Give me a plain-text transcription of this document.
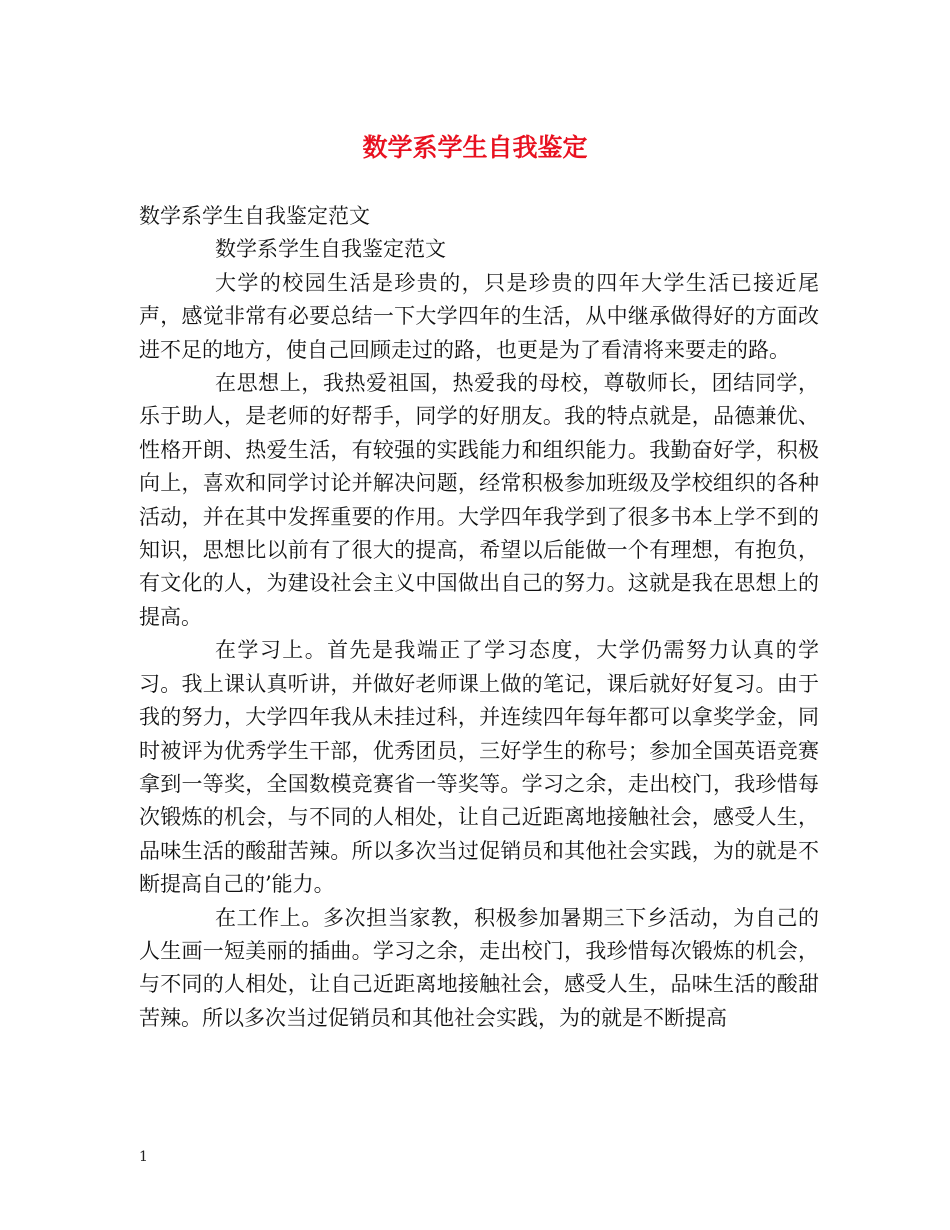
数学系学生自我鉴定

数学系学生自我鉴定范文

数学系学生自我鉴定范文

大学的校园生活是珍贵的，只是珍贵的四年大学生活已接近尾声，感觉非常有必要总结一下大学四年的生活，从中继承做得好的方面改进不足的地方，使自己回顾走过的路，也更是为了看清将来要走的路。

在思想上，我热爱祖国，热爱我的母校，尊敬师长，团结同学，乐于助人，是老师的好帮手，同学的好朋友。我的特点就是，品德兼优、性格开朗、热爱生活，有较强的实践能力和组织能力。我勤奋好学，积极向上，喜欢和同学讨论并解决问题，经常积极参加班级及学校组织的各种活动，并在其中发挥重要的作用。大学四年我学到了很多书本上学不到的知识，思想比以前有了很大的提高，希望以后能做一个有理想，有抱负，有文化的人，为建设社会主义中国做出自己的努力。这就是我在思想上的提高。

在学习上。首先是我端正了学习态度，大学仍需努力认真的学习。我上课认真听讲，并做好老师课上做的笔记，课后就好好复习。由于我的努力，大学四年我从未挂过科，并连续四年每年都可以拿奖学金，同时被评为优秀学生干部，优秀团员，三好学生的称号；参加全国英语竞赛拿到一等奖，全国数模竞赛省一等奖等。学习之余，走出校门，我珍惜每次锻炼的机会，与不同的人相处，让自己近距离地接触社会，感受人生，品味生活的酸甜苦辣。所以多次当过促销员和其他社会实践，为的就是不断提高自己的’能力。

在工作上。多次担当家教，积极参加暑期三下乡活动，为自己的人生画一短美丽的插曲。学习之余，走出校门，我珍惜每次锻炼的机会，与不同的人相处，让自己近距离地接触社会，感受人生，品味生活的酸甜苦辣。所以多次当过促销员和其他社会实践，为的就是不断提高

1
